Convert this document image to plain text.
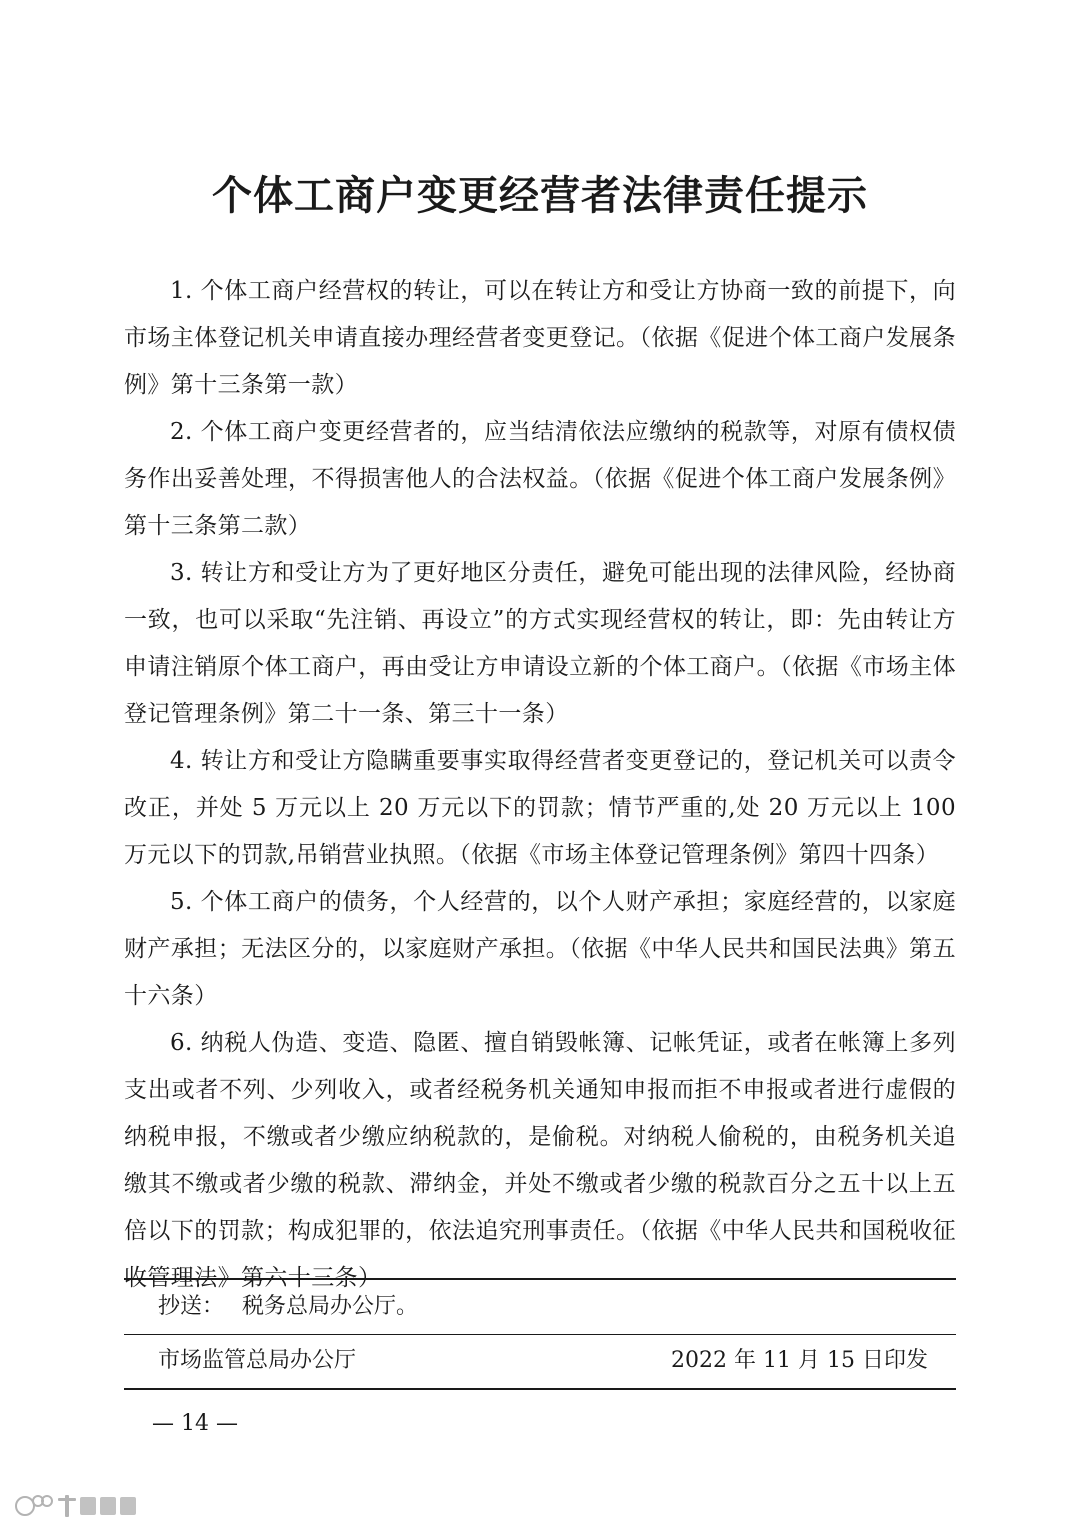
个体工商户变更经营者法律责任提示

1. 个体工商户经营权的转让，可以在转让方和受让方协商一致的前提下，向市场主体登记机关申请直接办理经营者变更登记。（依据《促进个体工商户发展条例》第十三条第一款）

2. 个体工商户变更经营者的，应当结清依法应缴纳的税款等，对原有债权债务作出妥善处理，不得损害他人的合法权益。（依据《促进个体工商户发展条例》第十三条第二款）

3. 转让方和受让方为了更好地区分责任，避免可能出现的法律风险，经协商一致，也可以采取“先注销、再设立”的方式实现经营权的转让，即：先由转让方申请注销原个体工商户，再由受让方申请设立新的个体工商户。（依据《市场主体登记管理条例》第二十一条、第三十一条）

4. 转让方和受让方隐瞒重要事实取得经营者变更登记的，登记机关可以责令改正，并处 5 万元以上 20 万元以下的罚款；情节严重的,处 20 万元以上 100 万元以下的罚款,吊销营业执照。（依据《市场主体登记管理条例》第四十四条）

5. 个体工商户的债务，个人经营的，以个人财产承担；家庭经营的，以家庭财产承担；无法区分的，以家庭财产承担。（依据《中华人民共和国民法典》第五十六条）

6. 纳税人伪造、变造、隐匿、擅自销毁帐簿、记帐凭证，或者在帐簿上多列支出或者不列、少列收入，或者经税务机关通知申报而拒不申报或者进行虚假的纳税申报，不缴或者少缴应纳税款的，是偷税。对纳税人偷税的，由税务机关追缴其不缴或者少缴的税款、滞纳金，并处不缴或者少缴的税款百分之五十以上五倍以下的罚款；构成犯罪的，依法追究刑事责任。（依据《中华人民共和国税收征收管理法》第六十三条）

抄送： 税务总局办公厅。
市场监管总局办公厅	2022 年 11 月 15 日印发
— 14 —
